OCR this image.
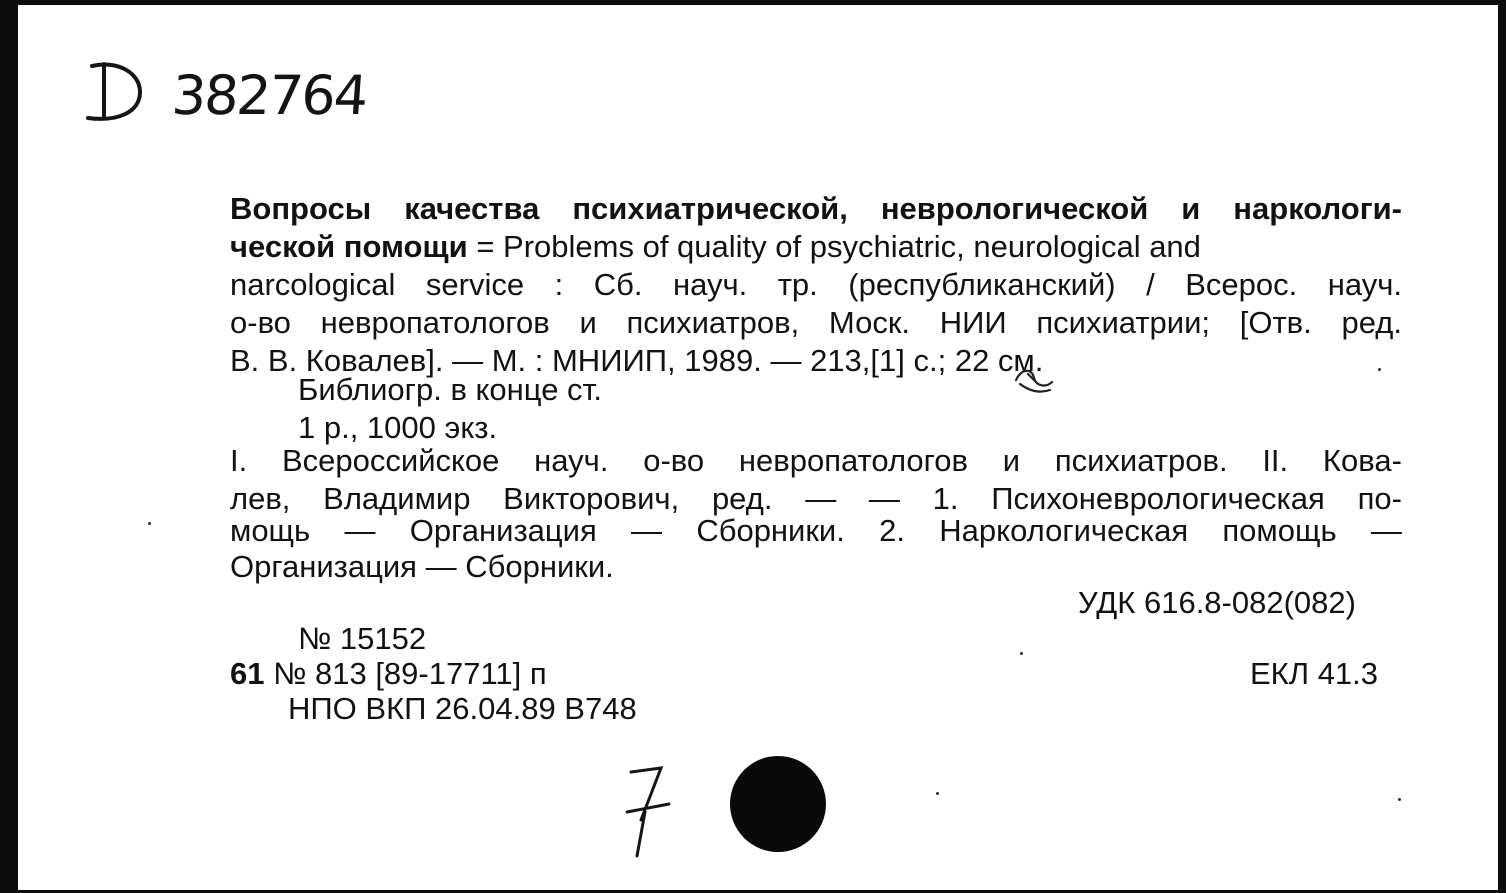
382764
Вопросы качества психиатрической, неврологической и наркологи-
ческой помощи = Problems of quality of psychiatric, neurological and
narcological service : Сб. науч. тр. (республиканский) / Всерос. науч.
о-во невропатологов и психиатров, Моск. НИИ психиатрии; [Отв. ред.
В. В. Ковалев]. — М. : МНИИП, 1989. — 213,[1] с.; 22 см.
Библиогр. в конце ст.
1 р., 1000 экз.
I. Всероссийское науч. о-во невропатологов и психиатров. II. Кова-
лев, Владимир Викторович, ред. — — 1. Психоневрологическая по-
мощь — Организация — Сборники. 2. Наркологическая помощь —
Организация — Сборники.
УДК 616.8-082(082)
№ 15152
61 № 813 [89-17711] п	ЕКЛ 41.3
НПО ВКП 26.04.89 В748
